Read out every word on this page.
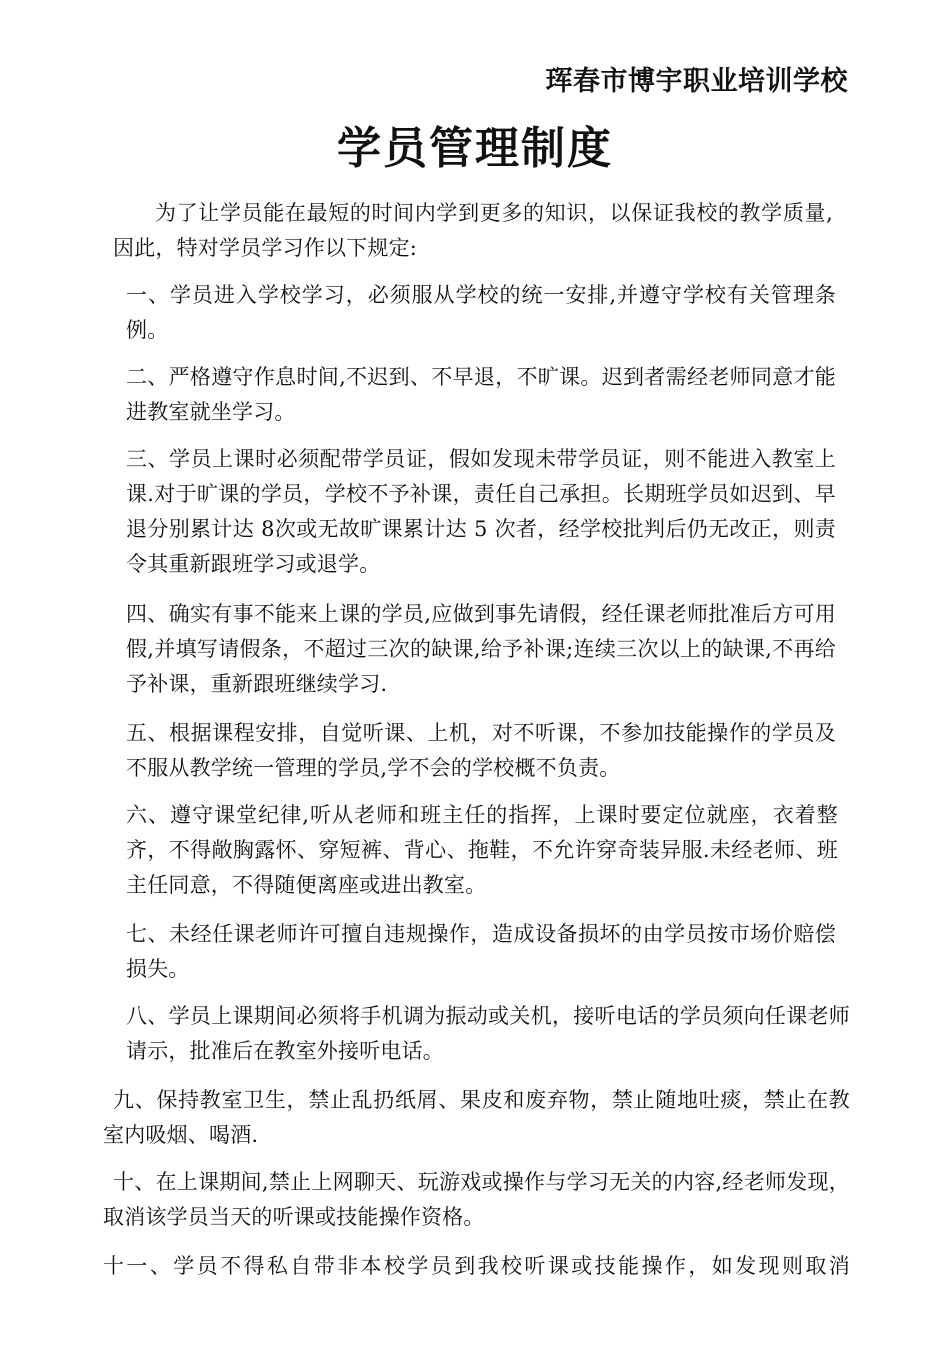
珲春市博宇职业培训学校
学员管理制度

为了让学员能在最短的时间内学到更多的知识，以保证我校的教学质量,因此，特对学员学习作以下规定:

一、学员进入学校学习，必须服从学校的统一安排,并遵守学校有关管理条例。

二、严格遵守作息时间,不迟到、不早退，不旷课。迟到者需经老师同意才能进教室就坐学习。

三、学员上课时必须配带学员证，假如发现未带学员证，则不能进入教室上课.对于旷课的学员，学校不予补课，责任自己承担。长期班学员如迟到、早退分别累计达 8次或无故旷课累计达 5 次者，经学校批判后仍无改正，则责令其重新跟班学习或退学。

四、确实有事不能来上课的学员,应做到事先请假，经任课老师批准后方可用假,并填写请假条，不超过三次的缺课,给予补课;连续三次以上的缺课,不再给予补课，重新跟班继续学习.

五、根据课程安排，自觉听课、上机，对不听课，不参加技能操作的学员及不服从教学统一管理的学员,学不会的学校概不负责。

六、遵守课堂纪律,听从老师和班主任的指挥，上课时要定位就座，衣着整齐，不得敞胸露怀、穿短裤、背心、拖鞋，不允许穿奇装异服.未经老师、班主任同意，不得随便离座或进出教室。

七、未经任课老师许可擅自违规操作，造成设备损坏的由学员按市场价赔偿损失。

八、学员上课期间必须将手机调为振动或关机，接听电话的学员须向任课老师请示，批准后在教室外接听电话。

九、保持教室卫生，禁止乱扔纸屑、果皮和废弃物，禁止随地吐痰，禁止在教室内吸烟、喝酒.

十、在上课期间,禁止上网聊天、玩游戏或操作与学习无关的内容,经老师发现，取消该学员当天的听课或技能操作资格。

十一、学员不得私自带非本校学员到我校听课或技能操作，如发现则取消
